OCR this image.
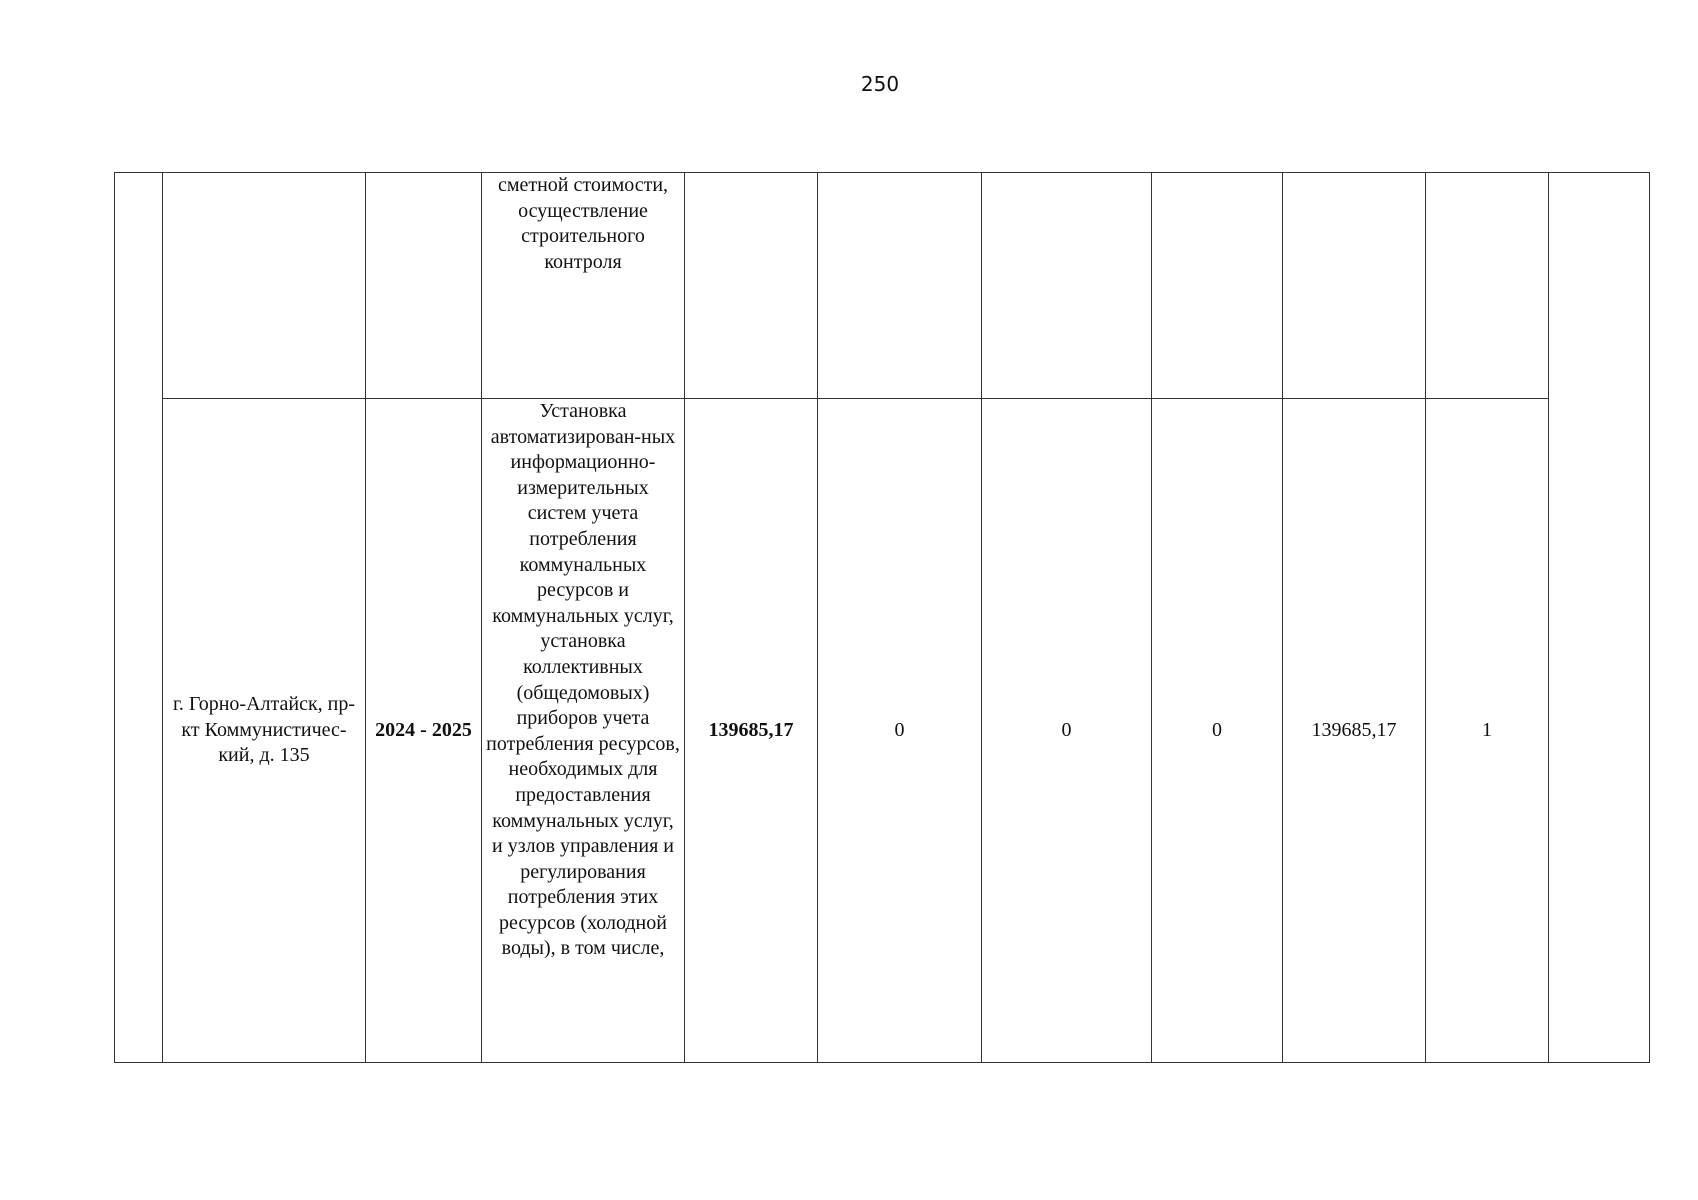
250
			сметной стоимости, осуществление строительного контроля							
	г. Горно-Алтайск, пр-кт Коммунистичес-кий, д. 135	2024 - 2025	Установка автоматизирован-ных информационно-измерительных систем учета потребления коммунальных ресурсов и коммунальных услуг, установка коллективных (общедомовых) приборов учета потребления ресурсов, необходимых для предоставления коммунальных услуг, и узлов управления и регулирования потребления этих ресурсов (холодной воды), в том числе,	139685,17	0	0	0	139685,17	1	
